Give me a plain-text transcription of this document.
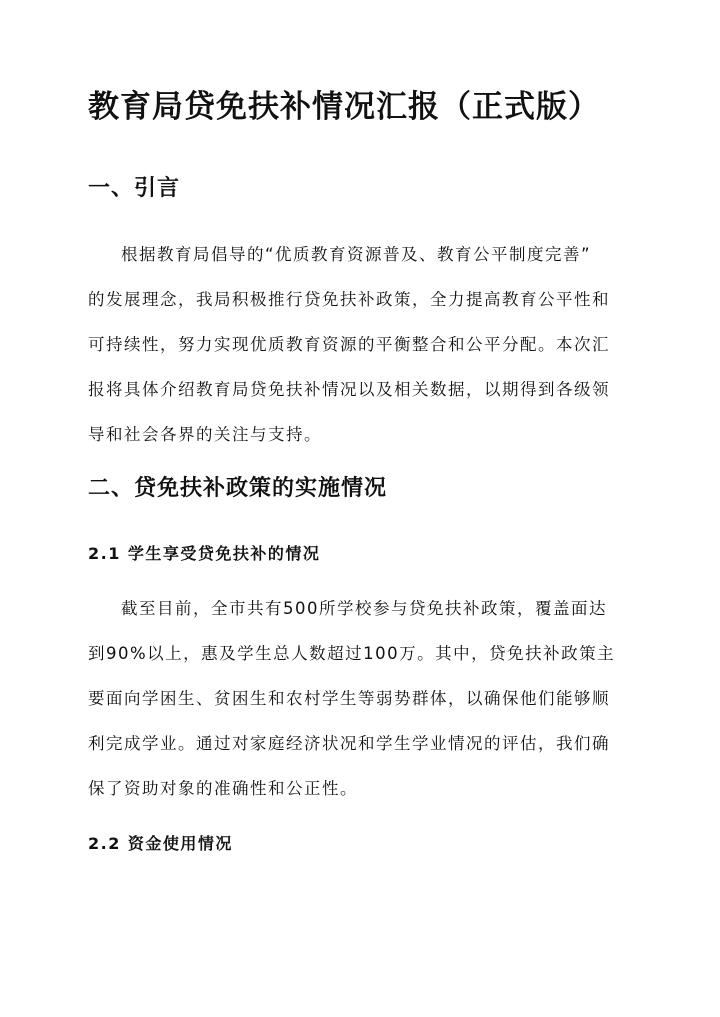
教育局贷免扶补情况汇报（正式版）
一、引言
根据教育局倡导的“优质教育资源普及、教育公平制度完善”
的发展理念，我局积极推行贷免扶补政策，全力提高教育公平性和
可持续性，努力实现优质教育资源的平衡整合和公平分配。本次汇
报将具体介绍教育局贷免扶补情况以及相关数据，以期得到各级领
导和社会各界的关注与支持。
二、贷免扶补政策的实施情况
2.1 学生享受贷免扶补的情况
截至目前，全市共有500所学校参与贷免扶补政策，覆盖面达
到90%以上，惠及学生总人数超过100万。其中，贷免扶补政策主
要面向学困生、贫困生和农村学生等弱势群体，以确保他们能够顺
利完成学业。通过对家庭经济状况和学生学业情况的评估，我们确
保了资助对象的准确性和公正性。
2.2 资金使用情况
